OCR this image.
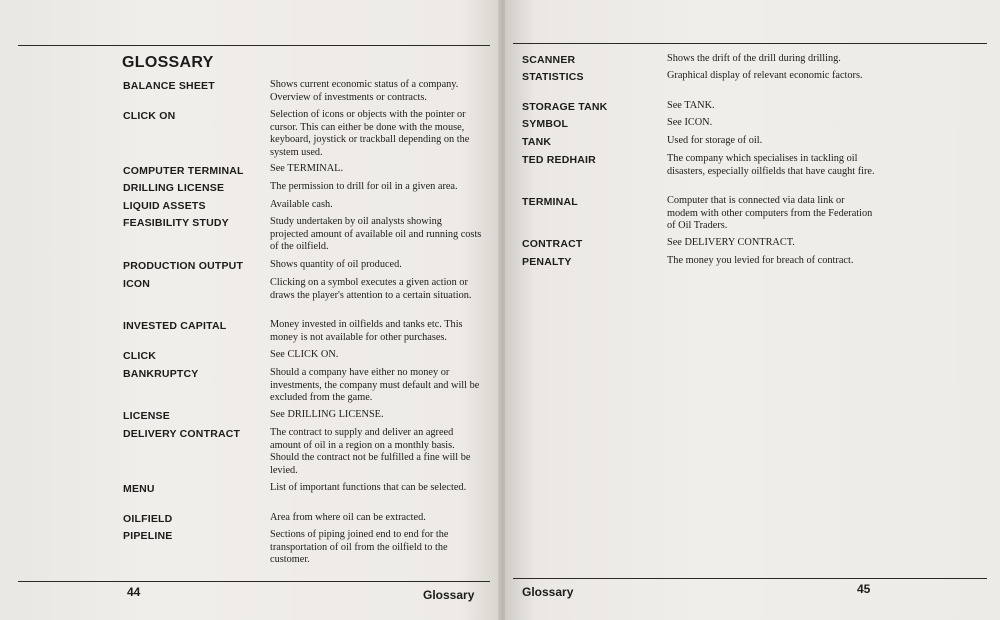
GLOSSARY
BALANCE SHEET	Shows current economic status of a company. Overview of investments or contracts.
CLICK ON	Selection of icons or objects with the pointer or cursor. This can either be done with the mouse, keyboard, joystick or trackball depending on the system used.
COMPUTER TERMINAL	See TERMINAL.
DRILLING LICENSE	The permission to drill for oil in a given area.
LIQUID ASSETS	Available cash.
FEASIBILITY STUDY	Study undertaken by oil analysts showing projected amount of available oil and running costs of the oilfield.
PRODUCTION OUTPUT	Shows quantity of oil produced.
ICON	Clicking on a symbol executes a given action or draws the player's attention to a certain situation.
INVESTED CAPITAL	Money invested in oilfields and tanks etc. This money is not available for other purchases.
CLICK	See CLICK ON.
BANKRUPTCY	Should a company have either no money or investments, the company must default and will be excluded from the game.
LICENSE	See DRILLING LICENSE.
DELIVERY CONTRACT	The contract to supply and deliver an agreed amount of oil in a region on a monthly basis. Should the contract not be fulfilled a fine will be levied.
MENU	List of important functions that can be selected.
OILFIELD	Area from where oil can be extracted.
PIPELINE	Sections of piping joined end to end for the transportation of oil from the oilfield to the customer.
44	Glossary
SCANNER	Shows the drift of the drill during drilling.
STATISTICS	Graphical display of relevant economic factors.
STORAGE TANK	See TANK.
SYMBOL	See ICON.
TANK	Used for storage of oil.
TED REDHAIR	The company which specialises in tackling oil disasters, especially oilfields that have caught fire.
TERMINAL	Computer that is connected via data link or modem with other computers from the Federation of Oil Traders.
CONTRACT	See DELIVERY CONTRACT.
PENALTY	The money you levied for breach of contract.
Glossary	45
